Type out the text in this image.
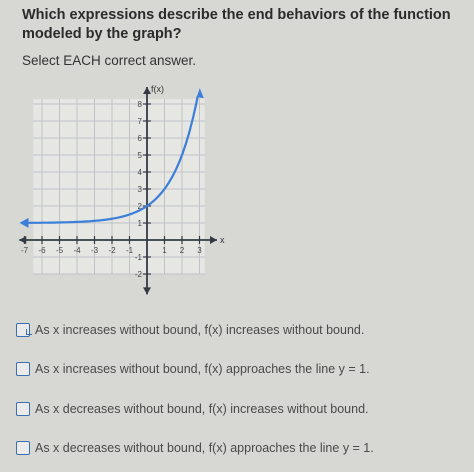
Which expressions describe the end behaviors of the function modeled by the graph?
Select EACH correct answer.
f(x)
x
-7 -6 -5 -4 -3 -2 -1	1 2 3
8
7
6
5
4
3
2
1
-1
-2
As x increases without bound, f(x) increases without bound.
As x increases without bound, f(x) approaches the line y = 1.
As x decreases without bound, f(x) increases without bound.
As x decreases without bound, f(x) approaches the line y = 1.
